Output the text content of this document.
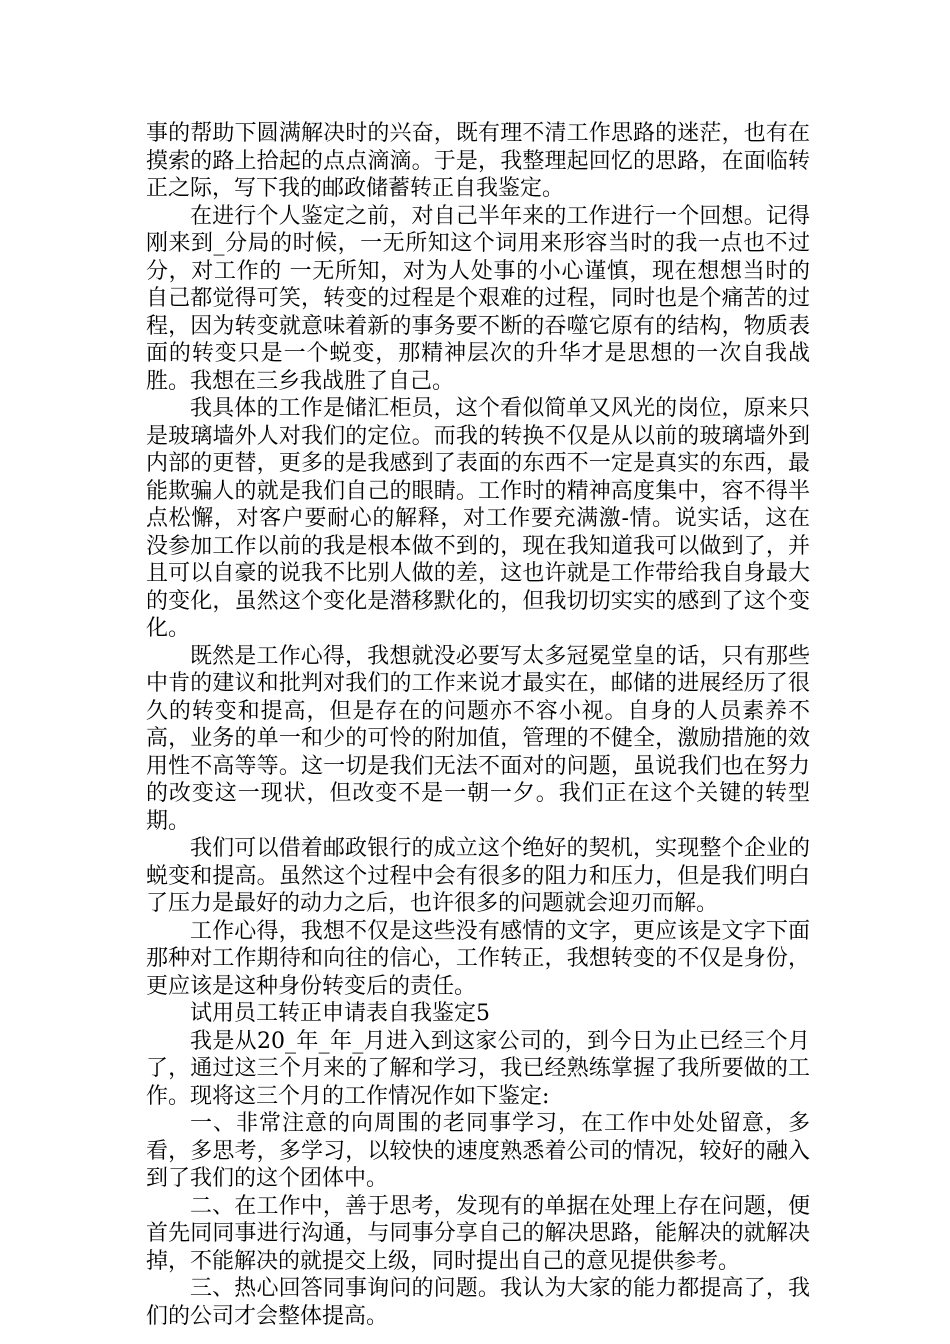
事的帮助下圆满解决时的兴奋，既有理不清工作思路的迷茫，也有在摸索的路上拾起的点点滴滴。于是，我整理起回忆的思路，在面临转正之际，写下我的邮政储蓄转正自我鉴定。

在进行个人鉴定之前，对自己半年来的工作进行一个回想。记得刚来到_分局的时候，一无所知这个词用来形容当时的我一点也不过分，对工作的 一无所知，对为人处事的小心谨慎，现在想想当时的自己都觉得可笑，转变的过程是个艰难的过程，同时也是个痛苦的过程，因为转变就意味着新的事务要不断的吞噬它原有的结构，物质表面的转变只是一个蜕变，那精神层次的升华才是思想的一次自我战胜。我想在三乡我战胜了自己。

我具体的工作是储汇柜员，这个看似简单又风光的岗位，原来只是玻璃墙外人对我们的定位。而我的转换不仅是从以前的玻璃墙外到内部的更替，更多的是我感到了表面的东西不一定是真实的东西，最能欺骗人的就是我们自己的眼睛。工作时的精神高度集中，容不得半点松懈，对客户要耐心的解释，对工作要充满激-情。说实话，这在没参加工作以前的我是根本做不到的，现在我知道我可以做到了，并且可以自豪的说我不比别人做的差，这也许就是工作带给我自身最大的变化，虽然这个变化是潜移默化的，但我切切实实的感到了这个变化。

既然是工作心得，我想就没必要写太多冠冕堂皇的话，只有那些中肯的建议和批判对我们的工作来说才最实在，邮储的进展经历了很久的转变和提高，但是存在的问题亦不容小视。自身的人员素养不高，业务的单一和少的可怜的附加值，管理的不健全，激励措施的效用性不高等等。这一切是我们无法不面对的问题，虽说我们也在努力的改变这一现状，但改变不是一朝一夕。我们正在这个关键的转型期。

我们可以借着邮政银行的成立这个绝好的契机，实现整个企业的蜕变和提高。虽然这个过程中会有很多的阻力和压力，但是我们明白了压力是最好的动力之后，也许很多的问题就会迎刃而解。

工作心得，我想不仅是这些没有感情的文字，更应该是文字下面那种对工作期待和向往的信心，工作转正，我想转变的不仅是身份，更应该是这种身份转变后的责任。

试用员工转正申请表自我鉴定5

我是从20_年_年_月进入到这家公司的，到今日为止已经三个月了，通过这三个月来的了解和学习，我已经熟练掌握了我所要做的工作。现将这三个月的工作情况作如下鉴定:

一、非常注意的向周围的老同事学习，在工作中处处留意，多看，多思考，多学习，以较快的速度熟悉着公司的情况，较好的融入到了我们的这个团体中。

二、在工作中，善于思考，发现有的单据在处理上存在问题，便首先同同事进行沟通，与同事分享自己的解决思路，能解决的就解决掉，不能解决的就提交上级，同时提出自己的意见提供参考。

三、热心回答同事询问的问题。我认为大家的能力都提高了，我们的公司才会整体提高。
